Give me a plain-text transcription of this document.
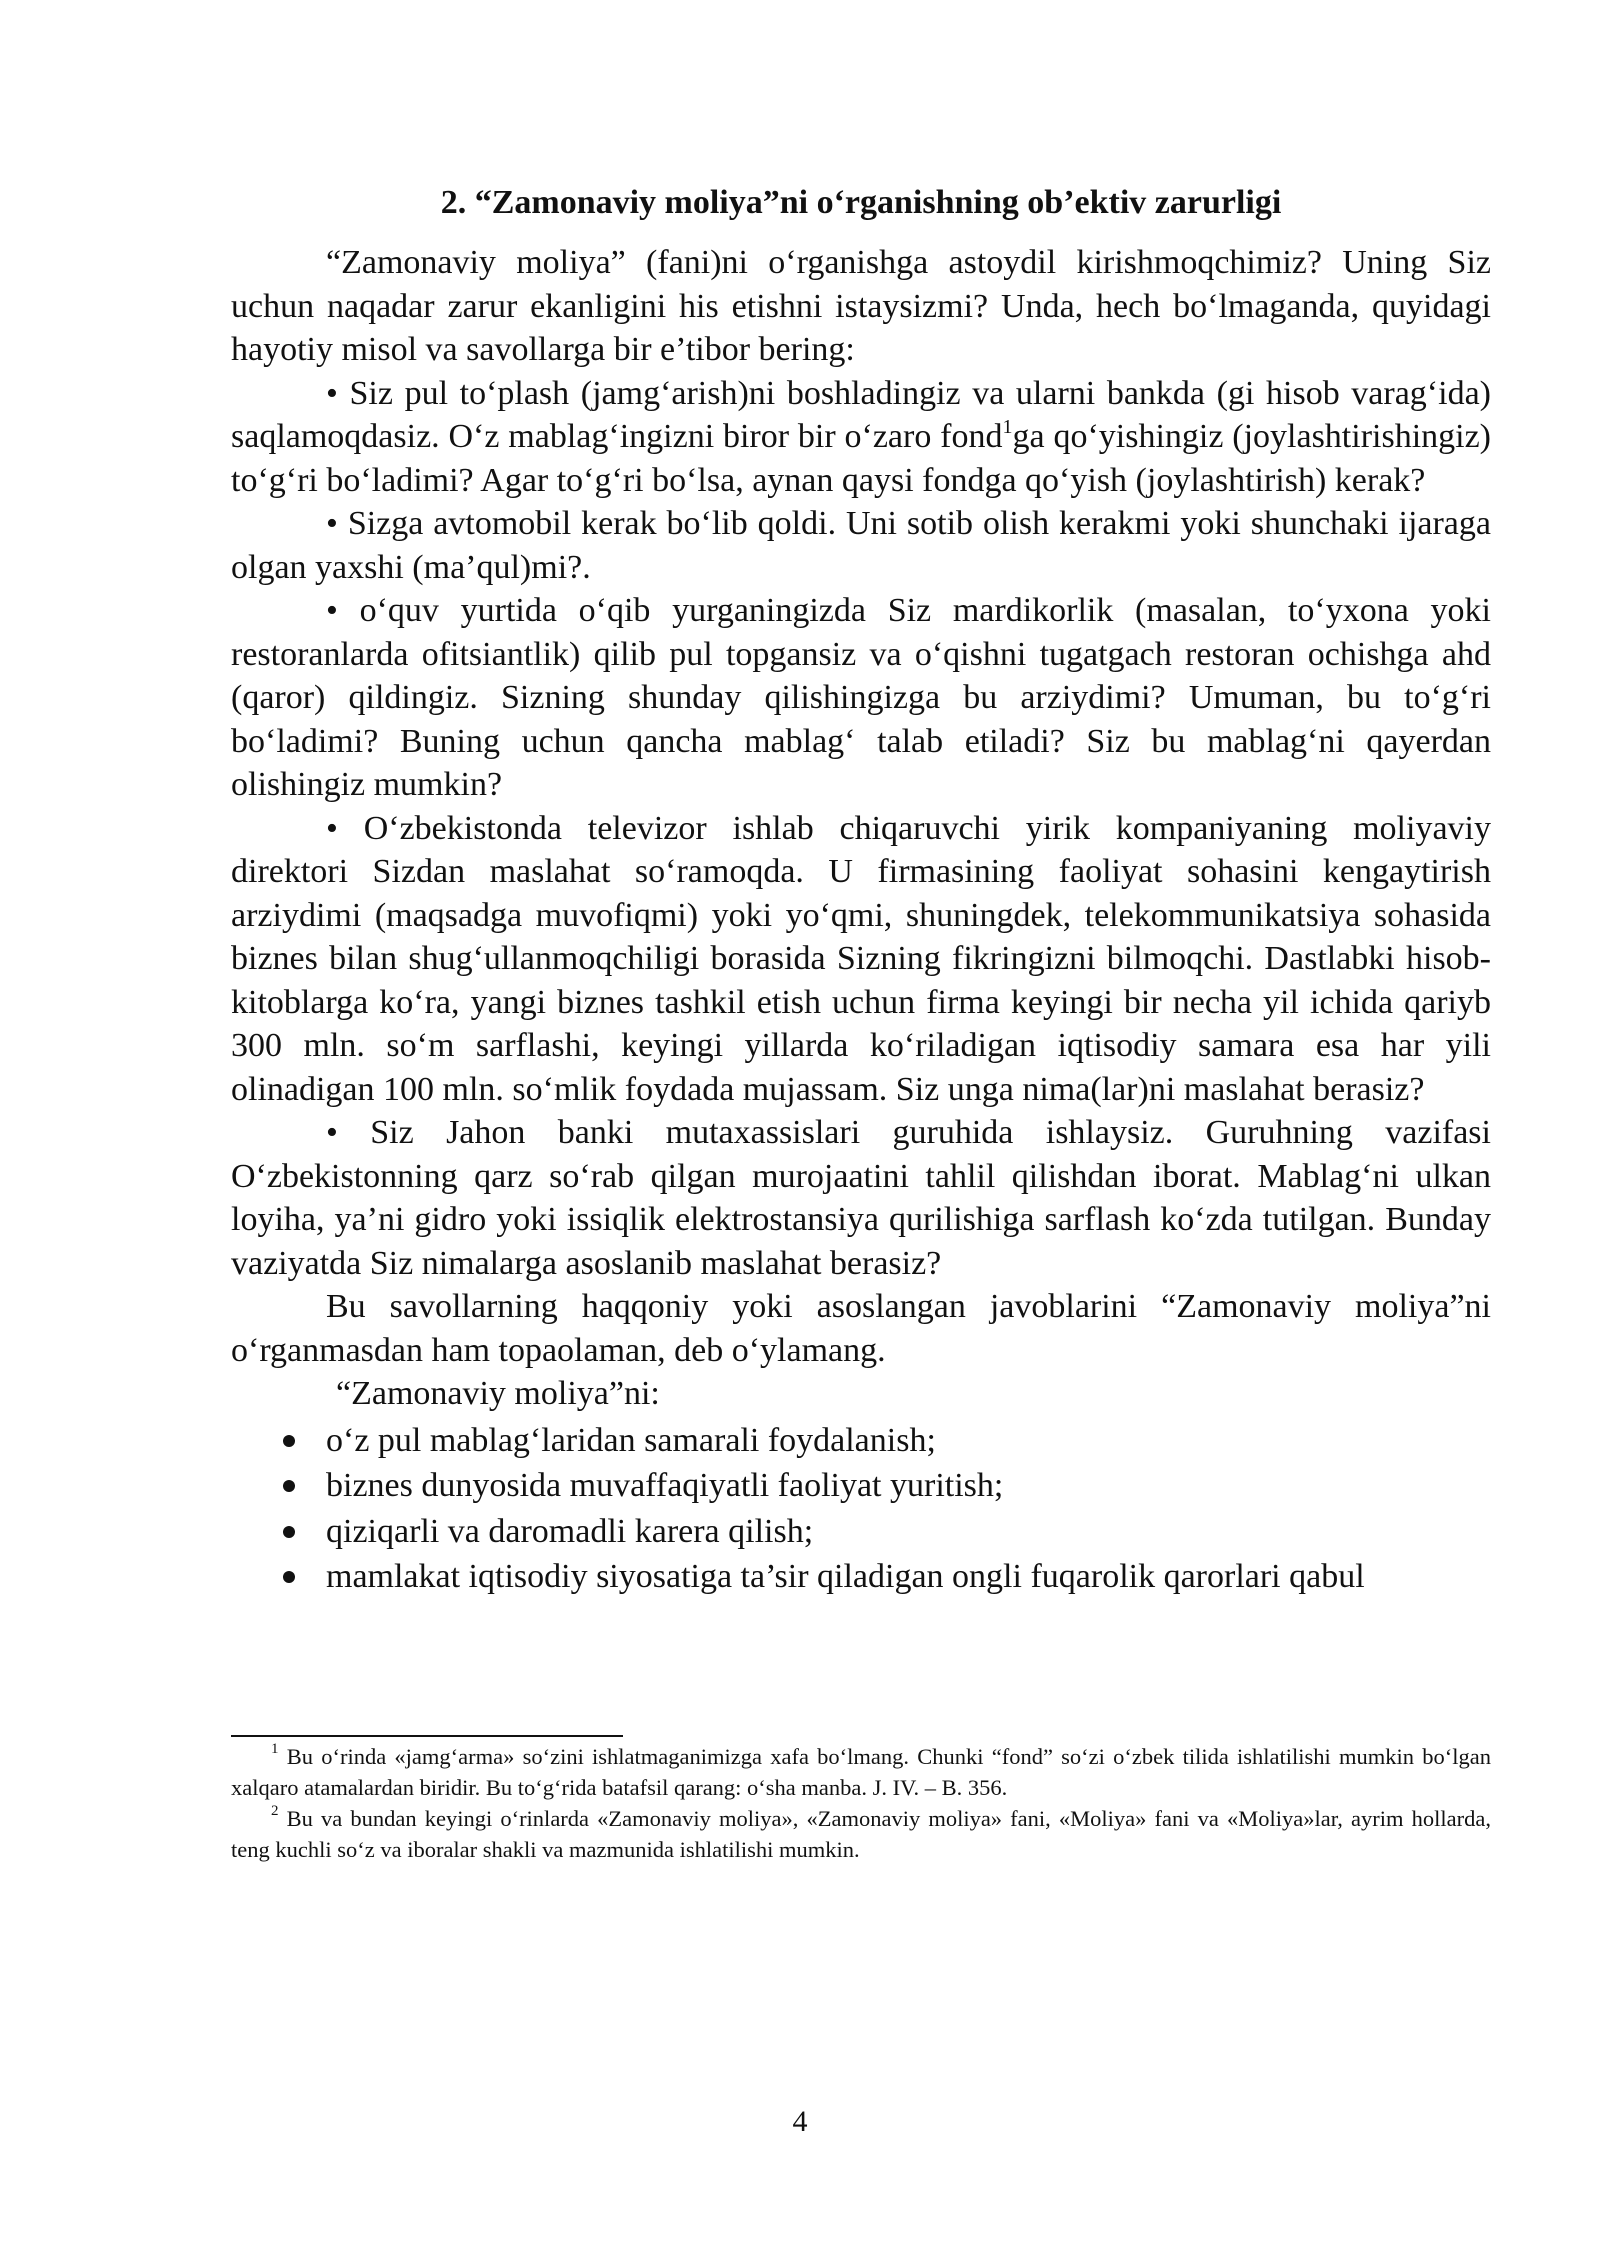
2. “Zamonaviy moliya”ni o‘rganishning ob’ektiv zarurligi

“Zamonaviy moliya” (fani)ni o‘rganishga astoydil kirishmoqchimiz? Uning Siz uchun naqadar zarur ekanligini his etishni istaysizmi? Unda, hech bo‘lmaganda, quyidagi hayotiy misol va savollarga bir e’tibor bering:

• Siz pul to‘plash (jamg‘arish)ni boshladingiz va ularni bankda (gi hisob varag‘ida) saqlamoqdasiz. O‘z mablag‘ingizni biror bir o‘zaro fond$^1$ga qo‘yishingiz (joylashtirishingiz) to‘g‘ri bo‘ladimi? Agar to‘g‘ri bo‘lsa, aynan qaysi fondga qo‘yish (joylashtirish) kerak?

• Sizga avtomobil kerak bo‘lib qoldi. Uni sotib olish kerakmi yoki shunchaki ijaraga olgan yaxshi (ma’qul)mi?.

• o‘quv yurtida o‘qib yurganingizda Siz mardikorlik (masalan, to‘yxona yoki restoranlarda ofitsiantlik) qilib pul topgansiz va o‘qishni tugatgach restoran ochishga ahd (qaror) qildingiz. Sizning shunday qilishingizga bu arziydimi? Umuman, bu to‘g‘ri bo‘ladimi? Buning uchun qancha mablag‘ talab etiladi? Siz bu mablag‘ni qayerdan olishingiz mumkin?

• O‘zbekistonda televizor ishlab chiqaruvchi yirik kompaniyaning moliyaviy direktori Sizdan maslahat so‘ramoqda. U firmasining faoliyat sohasini kengaytirish arziydimi (maqsadga muvofiqmi) yoki yo‘qmi, shuningdek, telekommunikatsiya sohasida biznes bilan shug‘ullanmoqchiligi borasida Sizning fikringizni bilmoqchi. Dastlabki hisob-kitoblarga ko‘ra, yangi biznes tashkil etish uchun firma keyingi bir necha yil ichida qariyb 300 mln. so‘m sarflashi, keyingi yillarda ko‘riladigan iqtisodiy samara esa har yili olinadigan 100 mln. so‘mlik foydada mujassam. Siz unga nima(lar)ni maslahat berasiz?

• Siz Jahon banki mutaxassislari guruhida ishlaysiz. Guruhning vazifasi O‘zbekistonning qarz so‘rab qilgan murojaatini tahlil qilishdan iborat. Mablag‘ni ulkan loyiha, ya’ni gidro yoki issiqlik elektrostansiya qurilishiga sarflash ko‘zda tutilgan. Bunday vaziyatda Siz nimalarga asoslanib maslahat berasiz?

Bu savollarning haqqoniy yoki asoslangan javoblarini “Zamonaviy moliya”ni o‘rganmasdan ham topaolaman, deb o‘ylamang.

“Zamonaviy moliya”ni:

o‘z pul mablag‘laridan samarali foydalanish;
biznes dunyosida muvaffaqiyatli faoliyat yuritish;
qiziqarli va daromadli karera qilish;
mamlakat iqtisodiy siyosatiga ta’sir qiladigan ongli fuqarolik qarorlari qabul

$^1$ Bu o‘rinda «jamg‘arma» so‘zini ishlatmaganimizga xafa bo‘lmang. Chunki “fond” so‘zi o‘zbek tilida ishlatilishi mumkin bo‘lgan xalqaro atamalardan biridir. Bu to‘g‘rida batafsil qarang: o‘sha manba. J. IV. – B. 356.

$^2$ Bu va bundan keyingi o‘rinlarda «Zamonaviy moliya», «Zamonaviy moliya» fani, «Moliya» fani va «Moliya»lar, ayrim hollarda, teng kuchli so‘z va iboralar shakli va mazmunida ishlatilishi mumkin.

4
